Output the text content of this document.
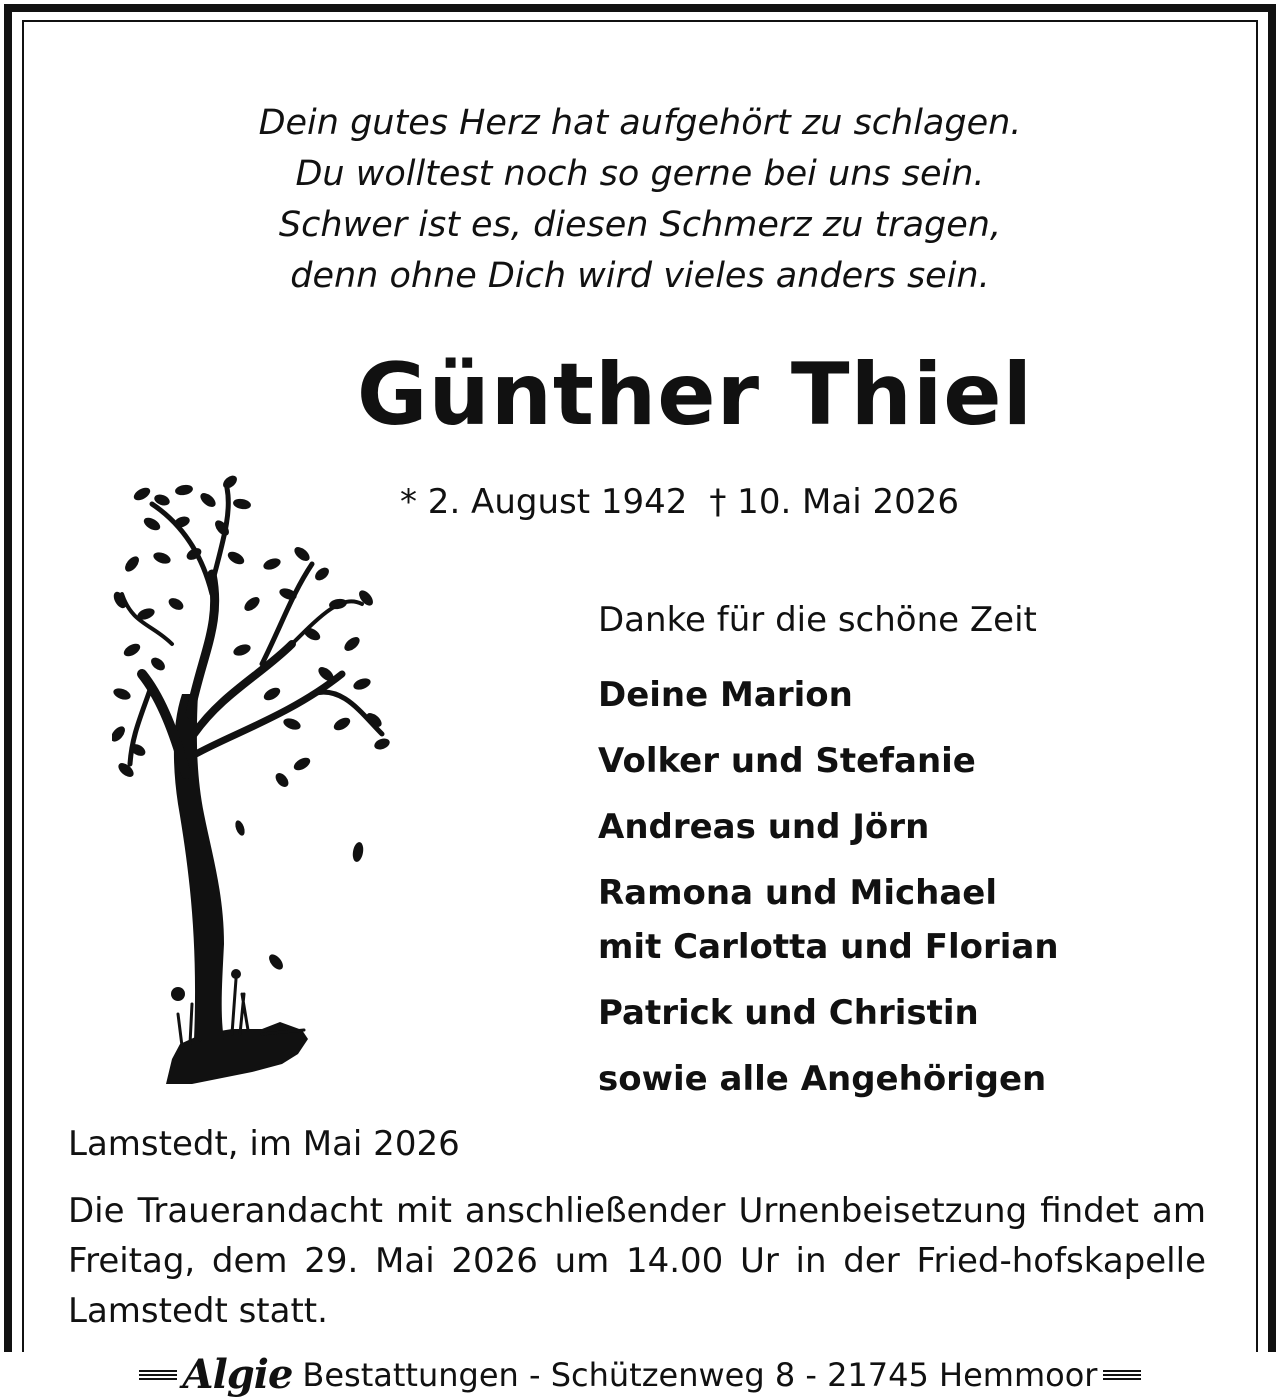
Dein gutes Herz hat aufgehört zu schlagen.
Du wolltest noch so gerne bei uns sein.
Schwer ist es, diesen Schmerz zu tragen,
denn ohne Dich wird vieles anders sein.
Günther Thiel
* 2. August 1942 † 10. Mai 2026
Danke für die schöne Zeit
Deine Marion
Volker und Stefanie
Andreas und Jörn
Ramona und Michael
mit Carlotta und Florian
Patrick und Christin
sowie alle Angehörigen
Lamstedt, im Mai 2026
Die Trauerandacht mit anschließender Urnenbeisetzung findet am Freitag, dem 29. Mai 2026 um 14.00 Ur in der Fried-hofskapelle Lamstedt statt.
Algie Bestattungen - Schützenweg 8 - 21745 Hemmoor
